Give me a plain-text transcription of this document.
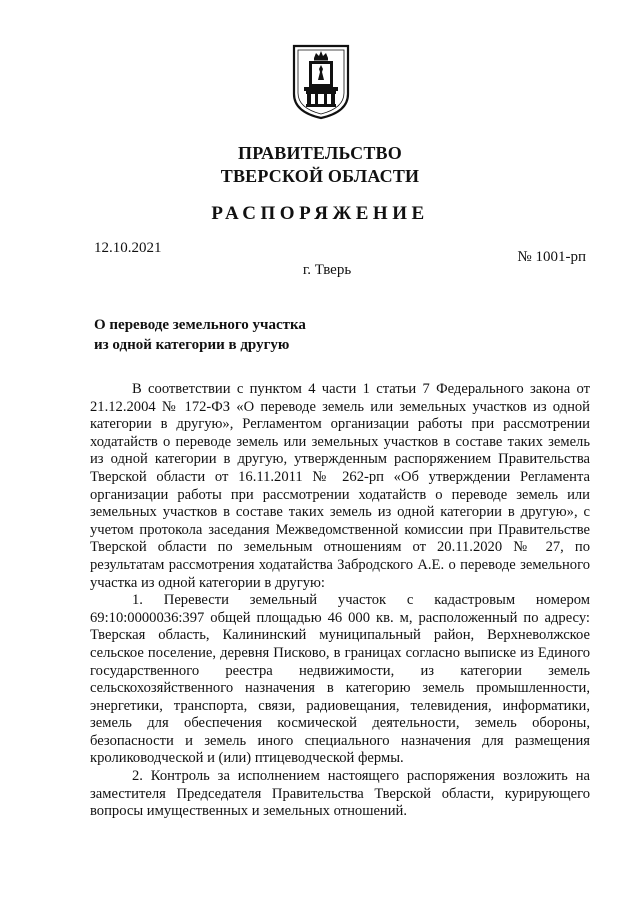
ПРАВИТЕЛЬСТВО
ТВЕРСКОЙ ОБЛАСТИ
РАСПОРЯЖЕНИЕ
12.10.2021
№ 1001-рп
г. Тверь
О переводе земельного участка
из одной категории в другую

В соответствии с пунктом 4 части 1 статьи 7 Федерального закона от 21.12.2004 № 172-ФЗ «О переводе земель или земельных участков из одной категории в другую», Регламентом организации работы при рассмотрении ходатайств о переводе земель или земельных участков в составе таких земель из одной категории в другую, утвержденным распоряжением Правительства Тверской области от 16.11.2011 № 262-рп «Об утверждении Регламента организации работы при рассмотрении ходатайств о переводе земель или земельных участков в составе таких земель из одной категории в другую», с учетом протокола заседания Межведомственной комиссии при Правительстве Тверской области по земельным отношениям от 20.11.2020 № 27, по результатам рассмотрения ходатайства Забродского А.Е. о переводе земельного участка из одной категории в другую:

1. Перевести земельный участок с кадастровым номером 69:10:0000036:397 общей площадью 46 000 кв. м, расположенный по адресу: Тверская область, Калининский муниципальный район, Верхневолжское сельское поселение, деревня Писково, в границах согласно выписке из Единого государственного реестра недвижимости, из категории земель сельскохозяйственного назначения в категорию земель промышленности, энергетики, транспорта, связи, радиовещания, телевидения, информатики, земель для обеспечения космической деятельности, земель обороны, безопасности и земель иного специального назначения для размещения кролиководческой и (или) птицеводческой фермы.

2. Контроль за исполнением настоящего распоряжения возложить на заместителя Председателя Правительства Тверской области, курирующего вопросы имущественных и земельных отношений.
